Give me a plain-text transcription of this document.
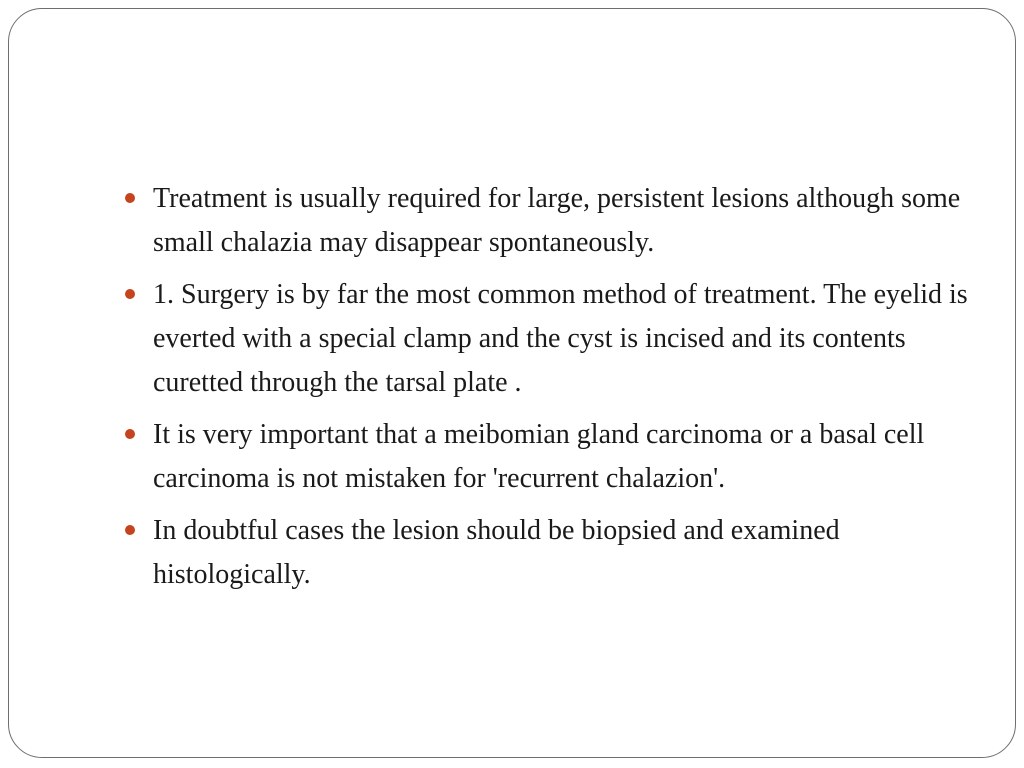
Treatment is usually required for large, persistent lesions although some small chalazia may disappear spontaneously.
1. Surgery is by far the most common method of treatment. The eyelid is everted with a special clamp and the cyst is incised and its contents curetted through the tarsal plate .
It is very important that a meibomian gland carcinoma or a basal cell carcinoma is not mistaken for 'recurrent chalazion'.
In doubtful cases the lesion should be biopsied and examined histologically.
